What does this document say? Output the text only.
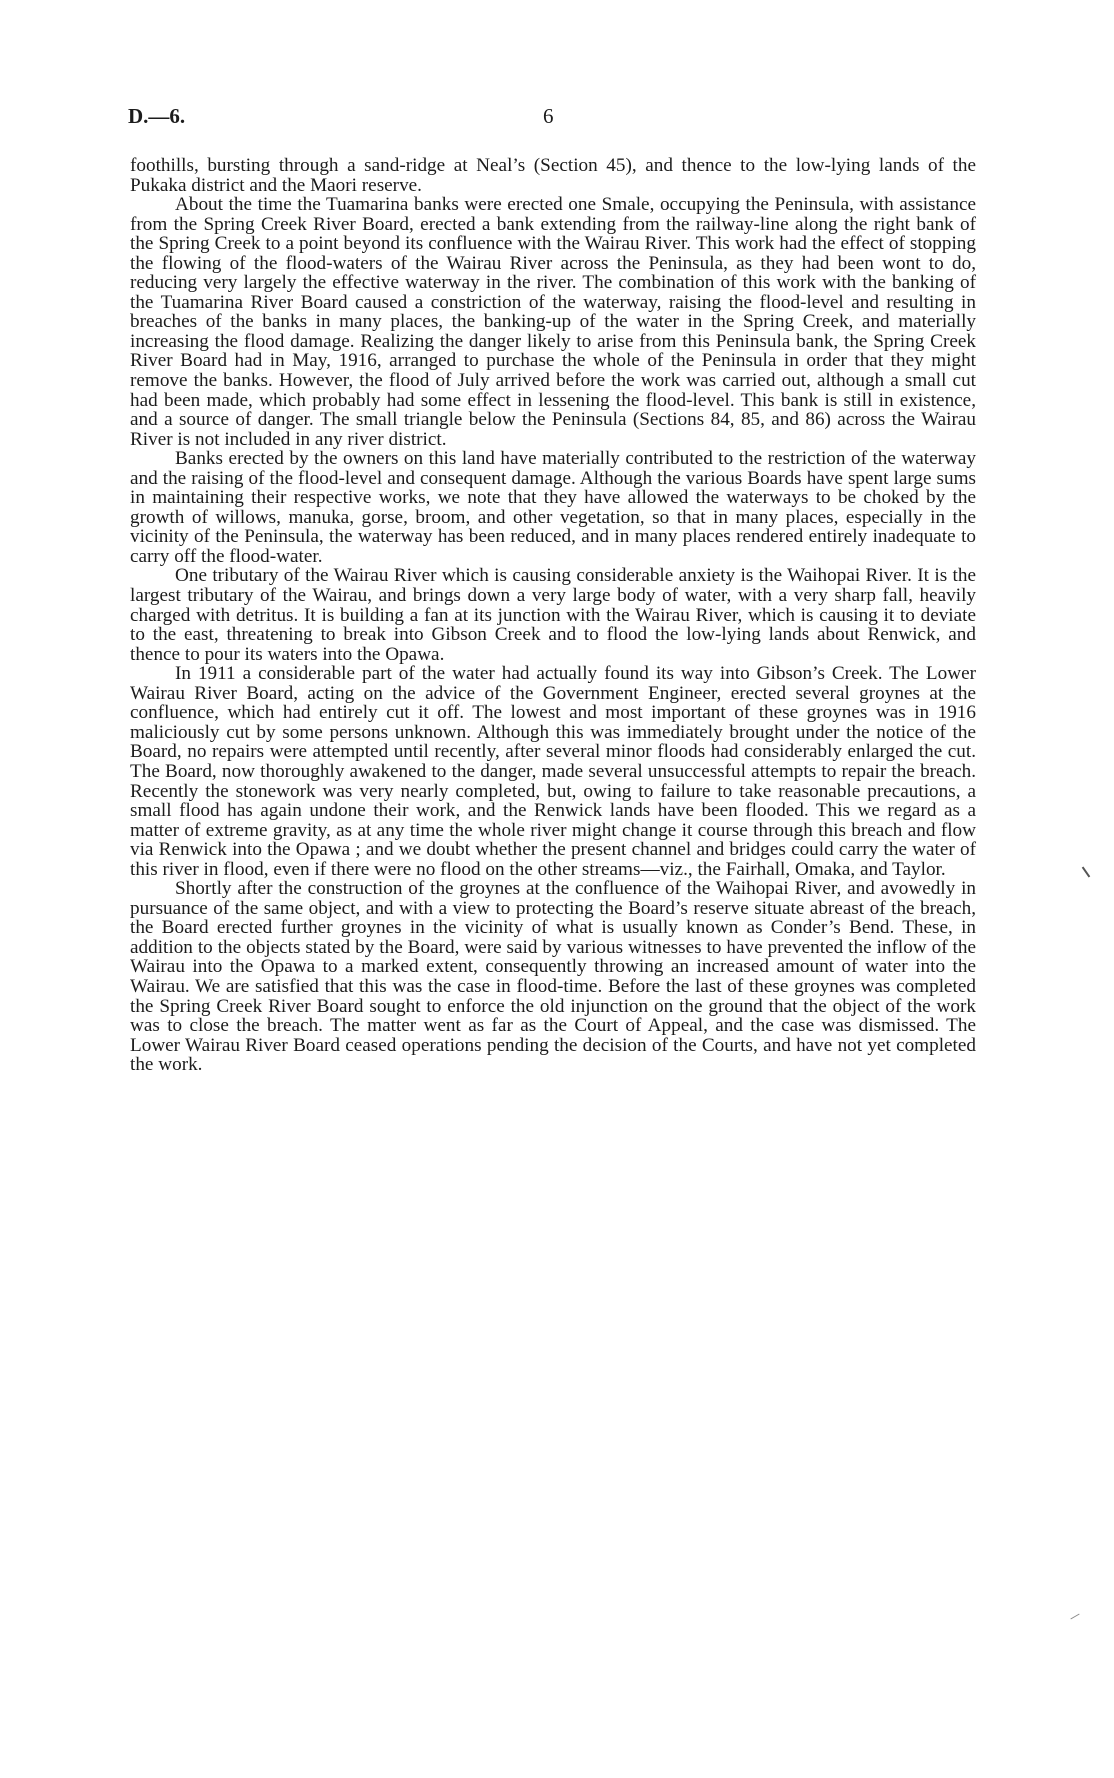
D.—6.	6

foothills, bursting through a sand-ridge at Neal’s (Section 45), and thence to the low-lying lands of the Pukaka district and the Maori reserve.

About the time the Tuamarina banks were erected one Smale, occupying the Peninsula, with assistance from the Spring Creek River Board, erected a bank extending from the railway-line along the right bank of the Spring Creek to a point beyond its confluence with the Wairau River. This work had the effect of stopping the flowing of the flood-waters of the Wairau River across the Peninsula, as they had been wont to do, reducing very largely the effective waterway in the river. The combination of this work with the banking of the Tuamarina River Board caused a constriction of the waterway, raising the flood-level and resulting in breaches of the banks in many places, the banking-up of the water in the Spring Creek, and materially increasing the flood damage. Realizing the danger likely to arise from this Peninsula bank, the Spring Creek River Board had in May, 1916, arranged to purchase the whole of the Peninsula in order that they might remove the banks. However, the flood of July arrived before the work was carried out, although a small cut had been made, which probably had some effect in lessening the flood-level. This bank is still in existence, and a source of danger. The small triangle below the Peninsula (Sections 84, 85, and 86) across the Wairau River is not included in any river district.

Banks erected by the owners on this land have materially contributed to the restriction of the waterway and the raising of the flood-level and consequent damage. Although the various Boards have spent large sums in maintaining their respective works, we note that they have allowed the waterways to be choked by the growth of willows, manuka, gorse, broom, and other vegetation, so that in many places, especially in the vicinity of the Peninsula, the waterway has been reduced, and in many places rendered entirely inadequate to carry off the flood-water.

One tributary of the Wairau River which is causing considerable anxiety is the Waihopai River. It is the largest tributary of the Wairau, and brings down a very large body of water, with a very sharp fall, heavily charged with detritus. It is building a fan at its junction with the Wairau River, which is causing it to deviate to the east, threatening to break into Gibson Creek and to flood the low-lying lands about Renwick, and thence to pour its waters into the Opawa.

In 1911 a considerable part of the water had actually found its way into Gibson’s Creek. The Lower Wairau River Board, acting on the advice of the Government Engineer, erected several groynes at the confluence, which had entirely cut it off. The lowest and most important of these groynes was in 1916 maliciously cut by some persons unknown. Although this was immediately brought under the notice of the Board, no repairs were attempted until recently, after several minor floods had considerably enlarged the cut. The Board, now thoroughly awakened to the danger, made several unsuccessful attempts to repair the breach. Recently the stonework was very nearly completed, but, owing to failure to take reasonable precautions, a small flood has again undone their work, and the Renwick lands have been flooded. This we regard as a matter of extreme gravity, as at any time the whole river might change it course through this breach and flow via Renwick into the Opawa ; and we doubt whether the present channel and bridges could carry the water of this river in flood, even if there were no flood on the other streams—viz., the Fairhall, Omaka, and Taylor.

Shortly after the construction of the groynes at the confluence of the Waihopai River, and avowedly in pursuance of the same object, and with a view to protecting the Board’s reserve situate abreast of the breach, the Board erected further groynes in the vicinity of what is usually known as Conder’s Bend. These, in addition to the objects stated by the Board, were said by various witnesses to have prevented the inflow of the Wairau into the Opawa to a marked extent, consequently throwing an increased amount of water into the Wairau. We are satisfied that this was the case in flood-time. Before the last of these groynes was completed the Spring Creek River Board sought to enforce the old injunction on the ground that the object of the work was to close the breach. The matter went as far as the Court of Appeal, and the case was dismissed. The Lower Wairau River Board ceased operations pending the decision of the Courts, and have not yet completed the work.
